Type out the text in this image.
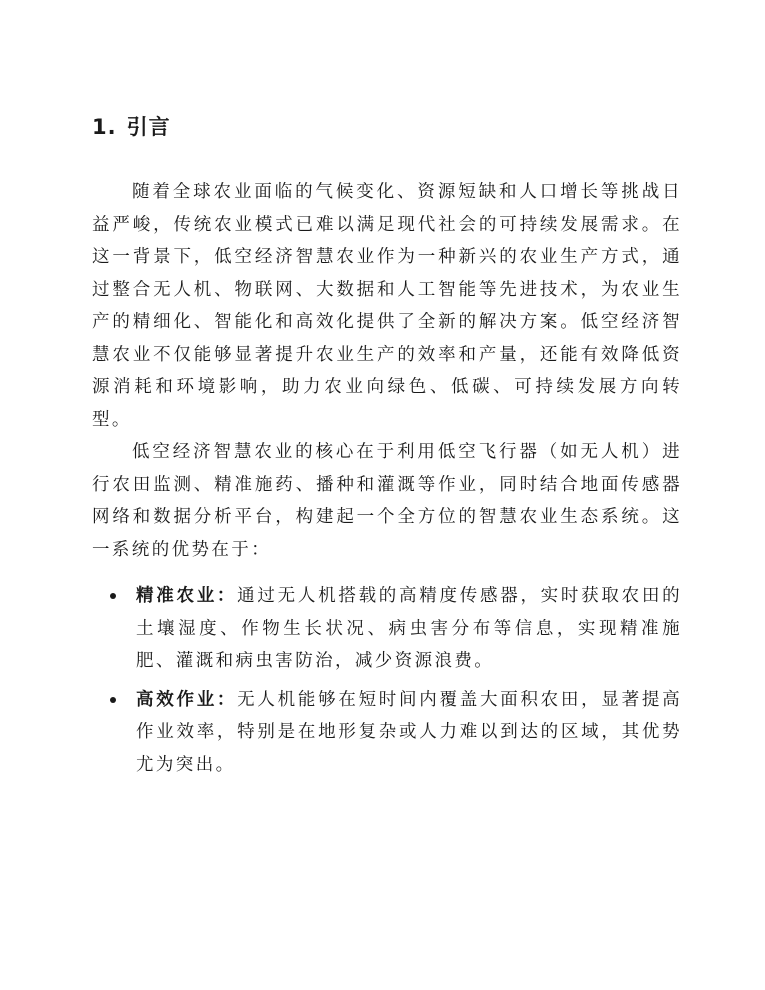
1. 引言

随着全球农业面临的气候变化、资源短缺和人口增长等挑战日益严峻，传统农业模式已难以满足现代社会的可持续发展需求。在这一背景下，低空经济智慧农业作为一种新兴的农业生产方式，通过整合无人机、物联网、大数据和人工智能等先进技术，为农业生产的精细化、智能化和高效化提供了全新的解决方案。低空经济智慧农业不仅能够显著提升农业生产的效率和产量，还能有效降低资源消耗和环境影响，助力农业向绿色、低碳、可持续发展方向转型。

低空经济智慧农业的核心在于利用低空飞行器（如无人机）进行农田监测、精准施药、播种和灌溉等作业，同时结合地面传感器网络和数据分析平台，构建起一个全方位的智慧农业生态系统。这一系统的优势在于：

精准农业：通过无人机搭载的高精度传感器，实时获取农田的土壤湿度、作物生长状况、病虫害分布等信息，实现精准施肥、灌溉和病虫害防治，减少资源浪费。
高效作业：无人机能够在短时间内覆盖大面积农田，显著提高作业效率，特别是在地形复杂或人力难以到达的区域，其优势尤为突出。
